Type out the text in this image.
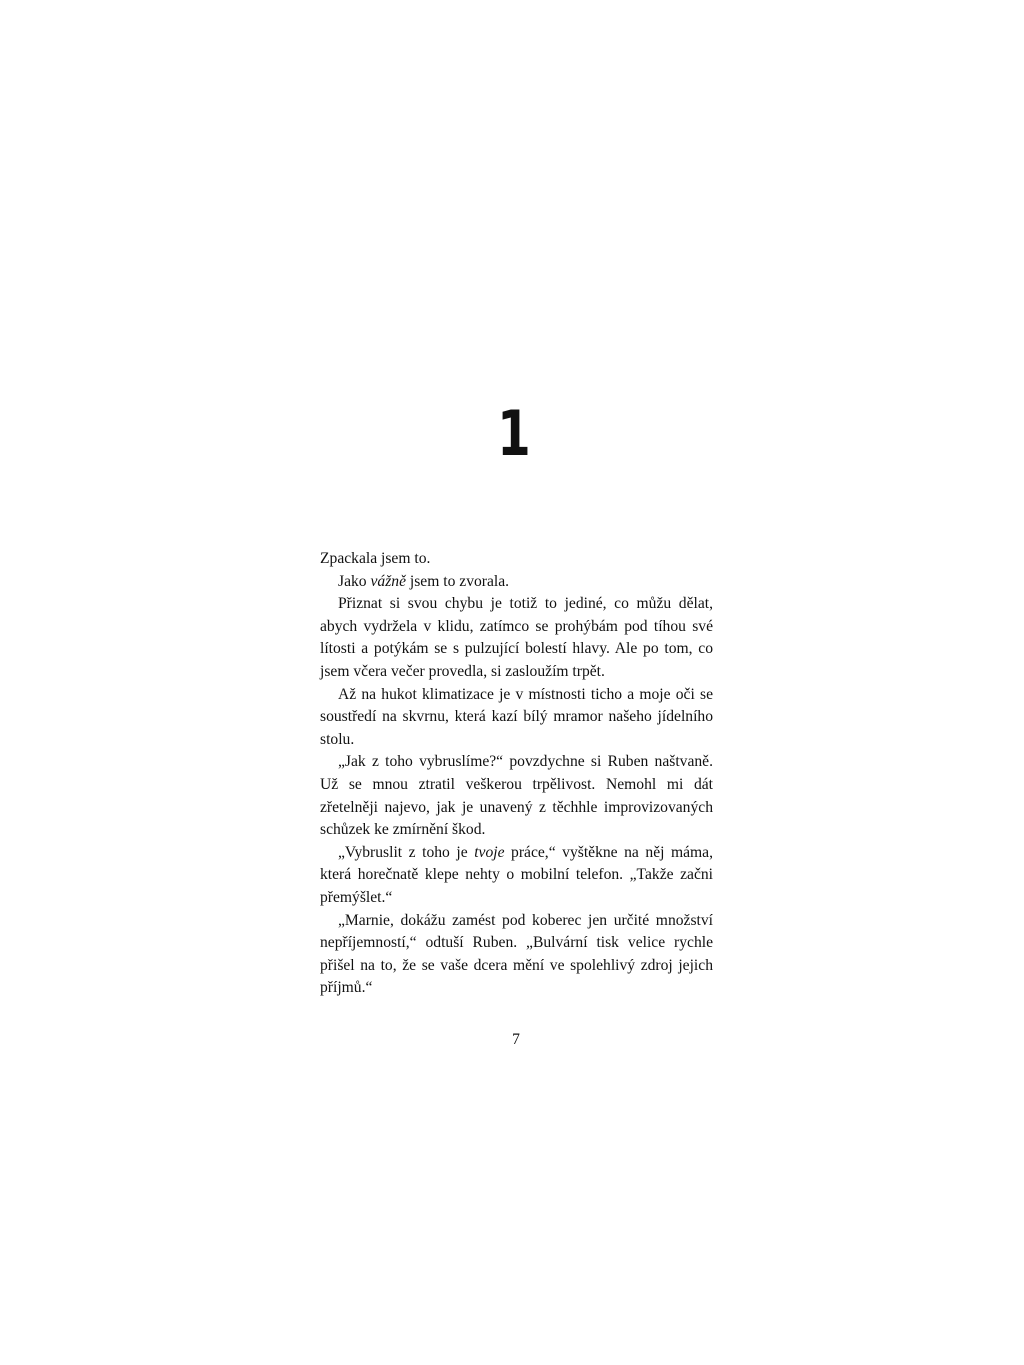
1

Zpackala jsem to.

Jako vážně jsem to zvorala.

Přiznat si svou chybu je totiž to jediné, co můžu dělat, abych vydržela v klidu, zatímco se prohýbám pod tíhou své lítosti a potýkám se s pulzující bolestí hlavy. Ale po tom, co jsem včera večer provedla, si zasloužím trpět.

Až na hukot klimatizace je v místnosti ticho a moje oči se soustředí na skvrnu, která kazí bílý mramor našeho jídelního stolu.

„Jak z toho vybruslíme?“ povzdychne si Ruben naštvaně. Už se mnou ztratil veškerou trpělivost. Nemohl mi dát zřetelněji najevo, jak je unavený z těchhle improvizovaných schůzek ke zmírnění škod.

„Vybruslit z toho je tvoje práce,“ vyštěkne na něj máma, která horečnatě klepe nehty o mobilní telefon. „Takže začni přemýšlet.“

„Marnie, dokážu zamést pod koberec jen určité množství nepříjemností,“ odtuší Ruben. „Bulvární tisk velice rychle přišel na to, že se vaše dcera mění ve spolehlivý zdroj jejich příjmů.“

7
